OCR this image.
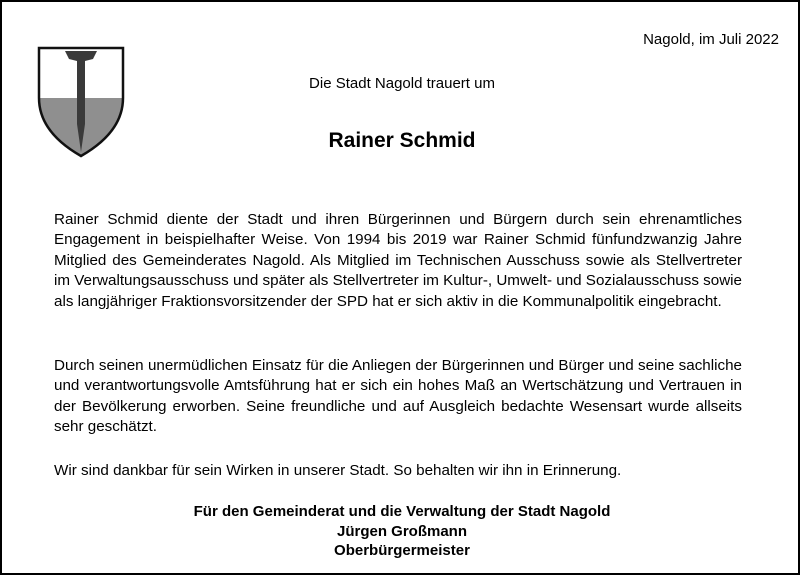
Nagold, im Juli 2022
Die Stadt Nagold trauert um
Rainer Schmid
Rainer Schmid diente der Stadt und ihren Bürgerinnen und Bürgern durch sein ehrenamtliches Engagement in beispielhafter Weise. Von 1994 bis 2019 war Rainer Schmid fünfundzwanzig Jahre Mitglied des Gemeinderates Nagold. Als Mitglied im Technischen Ausschuss sowie als Stellvertreter im Verwaltungsausschuss und später als Stellvertreter im Kultur-, Umwelt- und Sozialausschuss sowie als langjähriger Fraktionsvorsitzender der SPD hat er sich aktiv in die Kommunalpolitik eingebracht.
Durch seinen unermüdlichen Einsatz für die Anliegen der Bürgerinnen und Bürger und seine sachliche und verantwortungsvolle Amtsführung hat er sich ein hohes Maß an Wertschätzung und Vertrauen in der Bevölkerung erworben. Seine freundliche und auf Ausgleich bedachte Wesensart wurde allseits sehr geschätzt.
Wir sind dankbar für sein Wirken in unserer Stadt. So behalten wir ihn in Erinnerung.
Für den Gemeinderat und die Verwaltung der Stadt Nagold
Jürgen Großmann
Oberbürgermeister
